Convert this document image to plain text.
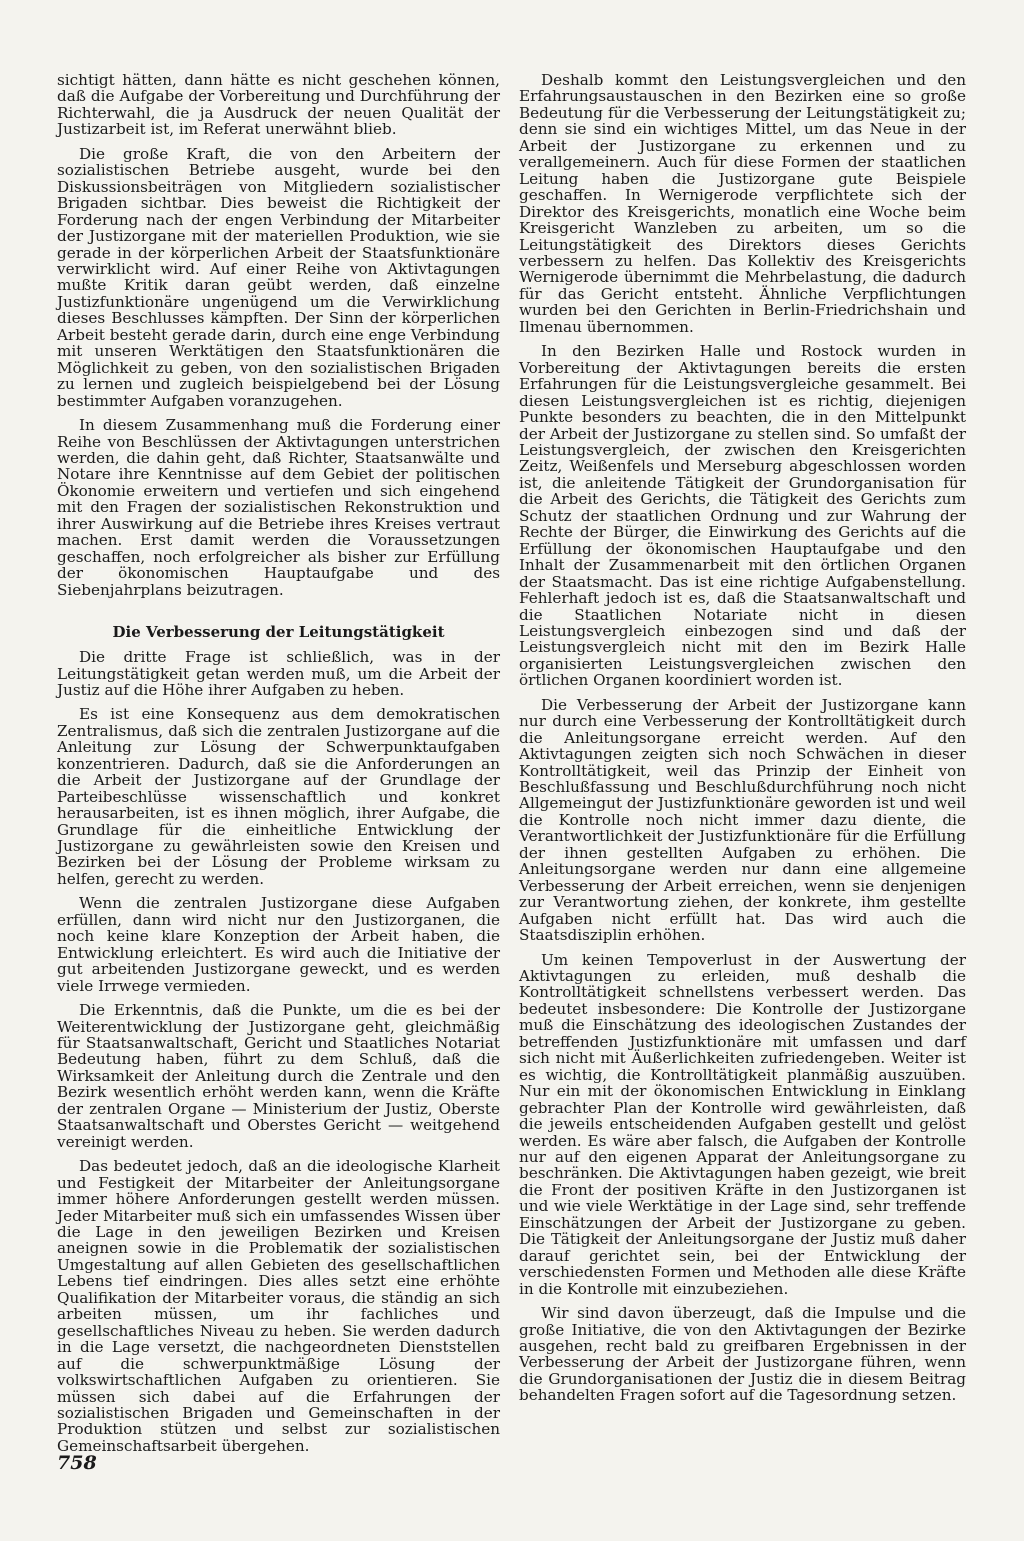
sichtigt hätten, dann hätte es nicht geschehen können, daß die Aufgabe der Vorbereitung und Durchführung der Richterwahl, die ja Ausdruck der neuen Qualität der Justizarbeit ist, im Referat unerwähnt blieb.

Die große Kraft, die von den Arbeitern der sozialistischen Betriebe ausgeht, wurde bei den Diskussionsbeiträgen von Mitgliedern sozialistischer Brigaden sichtbar. Dies beweist die Richtigkeit der Forderung nach der engen Verbindung der Mitarbeiter der Justizorgane mit der materiellen Produktion, wie sie gerade in der körperlichen Arbeit der Staatsfunktionäre verwirklicht wird. Auf einer Reihe von Aktivtagungen mußte Kritik daran geübt werden, daß einzelne Justizfunktionäre ungenügend um die Verwirklichung dieses Beschlusses kämpften. Der Sinn der körperlichen Arbeit besteht gerade darin, durch eine enge Verbindung mit unseren Werktätigen den Staatsfunktionären die Möglichkeit zu geben, von den sozialistischen Brigaden zu lernen und zugleich beispielgebend bei der Lösung bestimmter Aufgaben voranzugehen.

In diesem Zusammenhang muß die Forderung einer Reihe von Beschlüssen der Aktivtagungen unterstrichen werden, die dahin geht, daß Richter, Staatsanwälte und Notare ihre Kenntnisse auf dem Gebiet der politischen Ökonomie erweitern und vertiefen und sich eingehend mit den Fragen der sozialistischen Rekonstruktion und ihrer Auswirkung auf die Betriebe ihres Kreises vertraut machen. Erst damit werden die Voraussetzungen geschaffen, noch erfolgreicher als bisher zur Erfüllung der ökonomischen Hauptaufgabe und des Siebenjahrplans beizutragen.

Die Verbesserung der Leitungstätigkeit

Die dritte Frage ist schließlich, was in der Leitungstätigkeit getan werden muß, um die Arbeit der Justiz auf die Höhe ihrer Aufgaben zu heben.

Es ist eine Konsequenz aus dem demokratischen Zentralismus, daß sich die zentralen Justizorgane auf die Anleitung zur Lösung der Schwerpunktaufgaben konzentrieren. Dadurch, daß sie die Anforderungen an die Arbeit der Justizorgane auf der Grundlage der Parteibeschlüsse wissenschaftlich und konkret herausarbeiten, ist es ihnen möglich, ihrer Aufgabe, die Grundlage für die einheitliche Entwicklung der Justizorgane zu gewährleisten sowie den Kreisen und Bezirken bei der Lösung der Probleme wirksam zu helfen, gerecht zu werden.

Wenn die zentralen Justizorgane diese Aufgaben erfüllen, dann wird nicht nur den Justizorganen, die noch keine klare Konzeption der Arbeit haben, die Entwicklung erleichtert. Es wird auch die Initiative der gut arbeitenden Justizorgane geweckt, und es werden viele Irrwege vermieden.

Die Erkenntnis, daß die Punkte, um die es bei der Weiterentwicklung der Justizorgane geht, gleichmäßig für Staatsanwaltschaft, Gericht und Staatliches Notariat Bedeutung haben, führt zu dem Schluß, daß die Wirksamkeit der Anleitung durch die Zentrale und den Bezirk wesentlich erhöht werden kann, wenn die Kräfte der zentralen Organe — Ministerium der Justiz, Oberste Staatsanwaltschaft und Oberstes Gericht — weitgehend vereinigt werden.

Das bedeutet jedoch, daß an die ideologische Klarheit und Festigkeit der Mitarbeiter der Anleitungsorgane immer höhere Anforderungen gestellt werden müssen. Jeder Mitarbeiter muß sich ein umfassendes Wissen über die Lage in den jeweiligen Bezirken und Kreisen aneignen sowie in die Problematik der sozialistischen Umgestaltung auf allen Gebieten des gesellschaftlichen Lebens tief eindringen. Dies alles setzt eine erhöhte Qualifikation der Mitarbeiter voraus, die ständig an sich arbeiten müssen, um ihr fachliches und gesellschaftliches Niveau zu heben. Sie werden dadurch in die Lage versetzt, die nachgeordneten Dienststellen auf die schwerpunktmäßige Lösung der volkswirtschaftlichen Aufgaben zu orientieren. Sie müssen sich dabei auf die Erfahrungen der sozialistischen Brigaden und Gemeinschaften in der Produktion stützen und selbst zur sozialistischen Gemeinschaftsarbeit übergehen.

Deshalb kommt den Leistungsvergleichen und den Erfahrungsaustauschen in den Bezirken eine so große Bedeutung für die Verbesserung der Leitungstätigkeit zu; denn sie sind ein wichtiges Mittel, um das Neue in der Arbeit der Justizorgane zu erkennen und zu verallgemeinern. Auch für diese Formen der staatlichen Leitung haben die Justizorgane gute Beispiele geschaffen. In Wernigerode verpflichtete sich der Direktor des Kreisgerichts, monatlich eine Woche beim Kreisgericht Wanzleben zu arbeiten, um so die Leitungstätigkeit des Direktors dieses Gerichts verbessern zu helfen. Das Kollektiv des Kreisgerichts Wernigerode übernimmt die Mehrbelastung, die dadurch für das Gericht entsteht. Ähnliche Verpflichtungen wurden bei den Gerichten in Berlin-Friedrichshain und Ilmenau übernommen.

In den Bezirken Halle und Rostock wurden in Vorbereitung der Aktivtagungen bereits die ersten Erfahrungen für die Leistungsvergleiche gesammelt. Bei diesen Leistungsvergleichen ist es richtig, diejenigen Punkte besonders zu beachten, die in den Mittelpunkt der Arbeit der Justizorgane zu stellen sind. So umfaßt der Leistungsvergleich, der zwischen den Kreisgerichten Zeitz, Weißenfels und Merseburg abgeschlossen worden ist, die anleitende Tätigkeit der Grundorganisation für die Arbeit des Gerichts, die Tätigkeit des Gerichts zum Schutz der staatlichen Ordnung und zur Wahrung der Rechte der Bürger, die Einwirkung des Gerichts auf die Erfüllung der ökonomischen Hauptaufgabe und den Inhalt der Zusammenarbeit mit den örtlichen Organen der Staatsmacht. Das ist eine richtige Aufgabenstellung. Fehlerhaft jedoch ist es, daß die Staatsanwaltschaft und die Staatlichen Notariate nicht in diesen Leistungsvergleich einbezogen sind und daß der Leistungsvergleich nicht mit den im Bezirk Halle organisierten Leistungsvergleichen zwischen den örtlichen Organen koordiniert worden ist.

Die Verbesserung der Arbeit der Justizorgane kann nur durch eine Verbesserung der Kontrolltätigkeit durch die Anleitungsorgane erreicht werden. Auf den Aktivtagungen zeigten sich noch Schwächen in dieser Kontrolltätigkeit, weil das Prinzip der Einheit von Beschlußfassung und Beschlußdurchführung noch nicht Allgemeingut der Justizfunktionäre geworden ist und weil die Kontrolle noch nicht immer dazu diente, die Verantwortlichkeit der Justizfunktionäre für die Erfüllung der ihnen gestellten Aufgaben zu erhöhen. Die Anleitungsorgane werden nur dann eine allgemeine Verbesserung der Arbeit erreichen, wenn sie denjenigen zur Verantwortung ziehen, der konkrete, ihm gestellte Aufgaben nicht erfüllt hat. Das wird auch die Staatsdisziplin erhöhen.

Um keinen Tempoverlust in der Auswertung der Aktivtagungen zu erleiden, muß deshalb die Kontrolltätigkeit schnellstens verbessert werden. Das bedeutet insbesondere: Die Kontrolle der Justizorgane muß die Einschätzung des ideologischen Zustandes der betreffenden Justizfunktionäre mit umfassen und darf sich nicht mit Äußerlichkeiten zufriedengeben. Weiter ist es wichtig, die Kontrolltätigkeit planmäßig auszuüben. Nur ein mit der ökonomischen Entwicklung in Einklang gebrachter Plan der Kontrolle wird gewährleisten, daß die jeweils entscheidenden Aufgaben gestellt und gelöst werden. Es wäre aber falsch, die Aufgaben der Kontrolle nur auf den eigenen Apparat der Anleitungsorgane zu beschränken. Die Aktivtagungen haben gezeigt, wie breit die Front der positiven Kräfte in den Justizorganen ist und wie viele Werktätige in der Lage sind, sehr treffende Einschätzungen der Arbeit der Justizorgane zu geben. Die Tätigkeit der Anleitungsorgane der Justiz muß daher darauf gerichtet sein, bei der Entwicklung der verschiedensten Formen und Methoden alle diese Kräfte in die Kontrolle mit einzubeziehen.

Wir sind davon überzeugt, daß die Impulse und die große Initiative, die von den Aktivtagungen der Bezirke ausgehen, recht bald zu greifbaren Ergebnissen in der Verbesserung der Arbeit der Justizorgane führen, wenn die Grundorganisationen der Justiz die in diesem Beitrag behandelten Fragen sofort auf die Tagesordnung setzen.

758
